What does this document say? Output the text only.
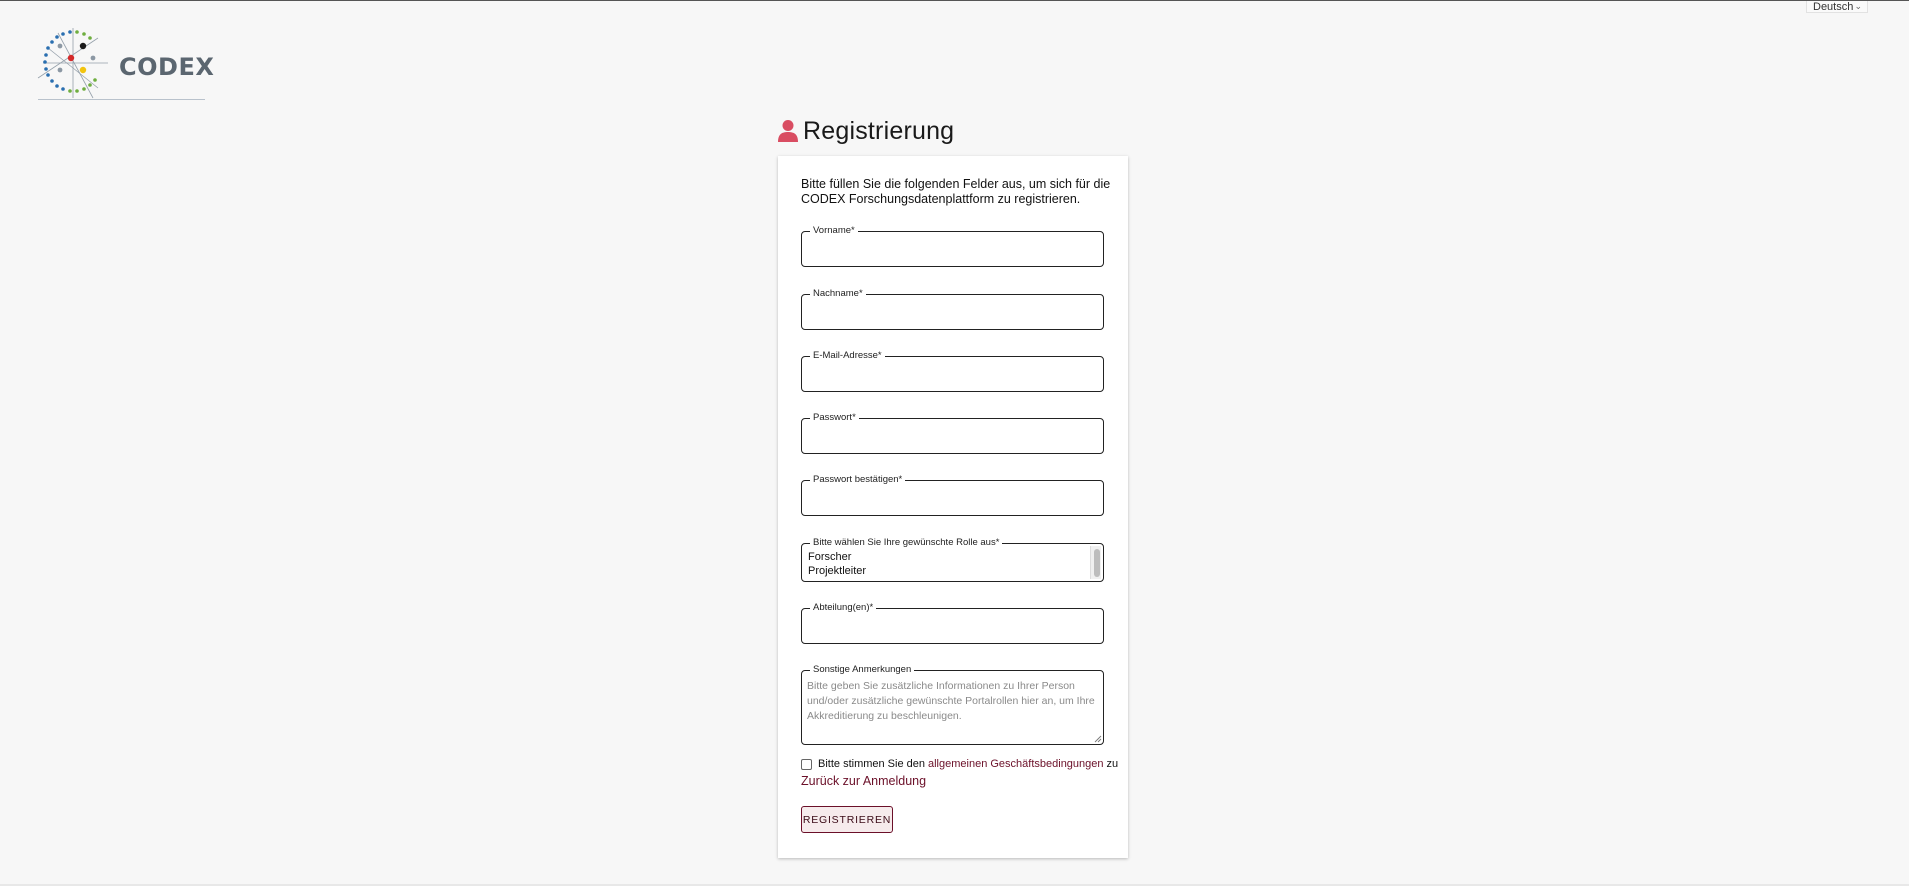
Deutsch ⌄
CODEX
Registrierung
Bitte füllen Sie die folgenden Felder aus, um sich für die CODEX Forschungsdatenplattform zu registrieren.
Vorname*
Nachname*
E-Mail-Adresse*
Passwort*
Passwort bestätigen*
Bitte wählen Sie Ihre gewünschte Rolle aus*
Forscher
Projektleiter
Abteilung(en)*
Sonstige Anmerkungen
Bitte geben Sie zusätzliche Informationen zu Ihrer Person und/oder zusätzliche gewünschte Portalrollen hier an, um Ihre Akkreditierung zu beschleunigen.
Bitte stimmen Sie den allgemeinen Geschäftsbedingungen zu
Zurück zur Anmeldung
REGISTRIEREN
